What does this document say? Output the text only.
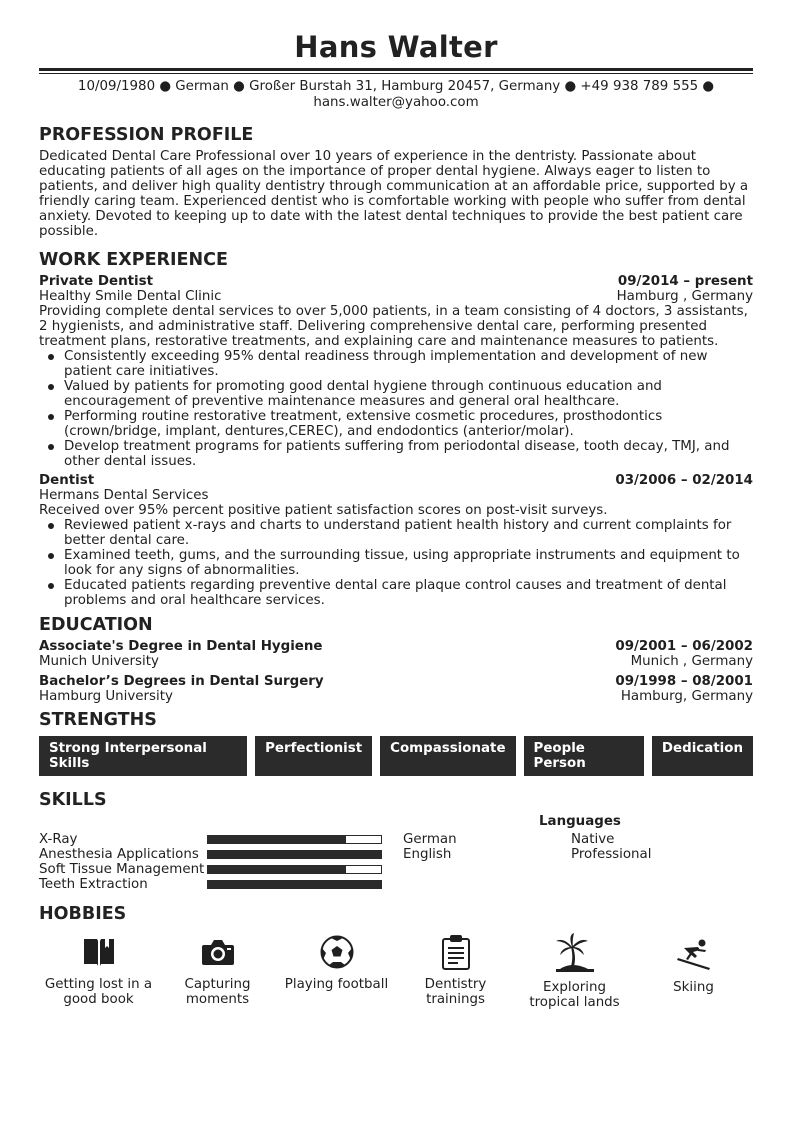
Hans Walter
10/09/1980 ● German ● Großer Burstah 31, Hamburg 20457, Germany ● +49 938 789 555 ●
hans.walter@yahoo.com
PROFESSION PROFILE
Dedicated Dental Care Professional over 10 years of experience in the dentristy. Passionate about educating patients of all ages on the importance of proper dental hygiene. Always eager to listen to patients, and deliver high quality dentistry through communication at an affordable price, supported by a friendly caring team. Experienced dentist who is comfortable working with people who suffer from dental anxiety. Devoted to keeping up to date with the latest dental techniques to provide the best patient care possible.
WORK EXPERIENCE
Private Dentist	09/2014 – present
Healthy Smile Dental Clinic	Hamburg , Germany
Providing complete dental services to over 5,000 patients, in a team consisting of 4 doctors, 3 assistants, 2 hygienists, and administrative staff. Delivering comprehensive dental care, performing presented treatment plans, restorative treatments, and explaining care and maintenance measures to patients.
Consistently exceeding 95% dental readiness through implementation and development of new patient care initiatives.
Valued by patients for promoting good dental hygiene through continuous education and encouragement of preventive maintenance measures and general oral healthcare.
Performing routine restorative treatment, extensive cosmetic procedures, prosthodontics (crown/bridge, implant, dentures,CEREC), and endodontics (anterior/molar).
Develop treatment programs for patients suffering from periodontal disease, tooth decay, TMJ, and other dental issues.
Dentist	03/2006 – 02/2014
Hermans Dental Services
Received over 95% percent positive patient satisfaction scores on post-visit surveys.
Reviewed patient x-rays and charts to understand patient health history and current complaints for better dental care.
Examined teeth, gums, and the surrounding tissue, using appropriate instruments and equipment to look for any signs of abnormalities.
Educated patients regarding preventive dental care plaque control causes and treatment of dental problems and oral healthcare services.
EDUCATION
Associate's Degree in Dental Hygiene	09/2001 – 06/2002
Munich University	Munich , Germany
Bachelor’s Degrees in Dental Surgery	09/1998 – 08/2001
Hamburg University	Hamburg, Germany
STRENGTHS
Strong Interpersonal Skills
Perfectionist	Compassionate	People Person
Dedication
SKILLS
Languages
X-Ray
Anesthesia Applications
Soft Tissue Management
Teeth Extraction
German	Native
English	Professional
HOBBIES
Getting lost in a
good book
Capturing
moments
Playing football	Dentistry
trainings
Exploring
tropical lands
Skiing
